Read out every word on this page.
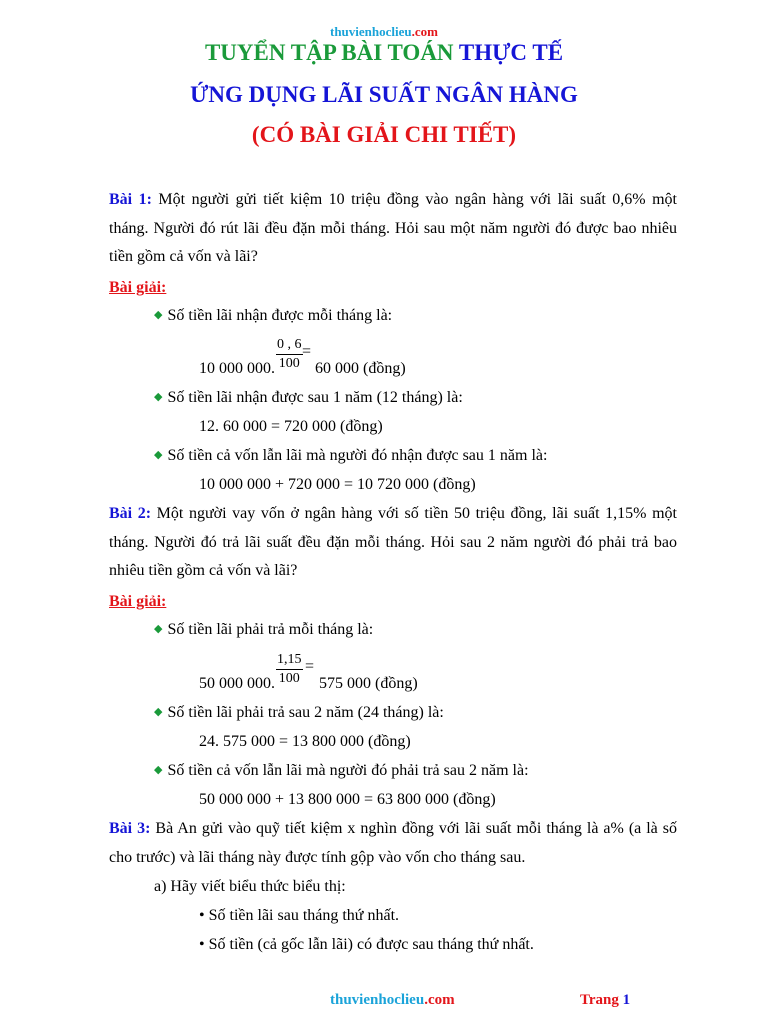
thuvienhoclieu.com
TUYỂN TẬP BÀI TOÁN THỰC TẾ
ỨNG DỤNG LÃI SUẤT NGÂN HÀNG
(CÓ BÀI GIẢI CHI TIẾT)
Bài 1: Một người gửi tiết kiệm 10 triệu đồng vào ngân hàng với lãi suất 0,6% một tháng. Người đó rút lãi đều đặn mỗi tháng. Hỏi sau một năm người đó được bao nhiêu tiền gồm cả vốn và lãi?
Bài giải:
◆ Số tiền lãi nhận được mỗi tháng là:
10 000 000. $\frac{0 , 6}{100}$ =
60 000 (đồng)
◆ Số tiền lãi nhận được sau 1 năm (12 tháng) là:
12. 60 000 = 720 000 (đồng)
◆ Số tiền cả vốn lẫn lãi mà người đó nhận được sau 1 năm là:
10 000 000 + 720 000 = 10 720 000 (đồng)
Bài 2: Một người vay vốn ở ngân hàng với số tiền 50 triệu đồng, lãi suất 1,15% một tháng. Người đó trả lãi suất đều đặn mỗi tháng. Hỏi sau 2 năm người đó phải trả bao nhiêu tiền gồm cả vốn và lãi?
Bài giải:
◆ Số tiền lãi phải trả mỗi tháng là:
50 000 000. $\frac{1,15}{100}$ =
575 000 (đồng)
◆ Số tiền lãi phải trả sau 2 năm (24 tháng) là:
24. 575 000 = 13 800 000 (đồng)
◆ Số tiền cả vốn lẫn lãi mà người đó phải trả sau 2 năm là:
50 000 000 + 13 800 000 = 63 800 000 (đồng)
Bài 3: Bà An gửi vào quỹ tiết kiệm x nghìn đồng với lãi suất mỗi tháng là a% (a là số cho trước) và lãi tháng này được tính gộp vào vốn cho tháng sau.
a) Hãy viết biểu thức biểu thị:
• Số tiền lãi sau tháng thứ nhất.
• Số tiền (cả gốc lẫn lãi) có được sau tháng thứ nhất.
thuvienhoclieu.com	Trang 1
